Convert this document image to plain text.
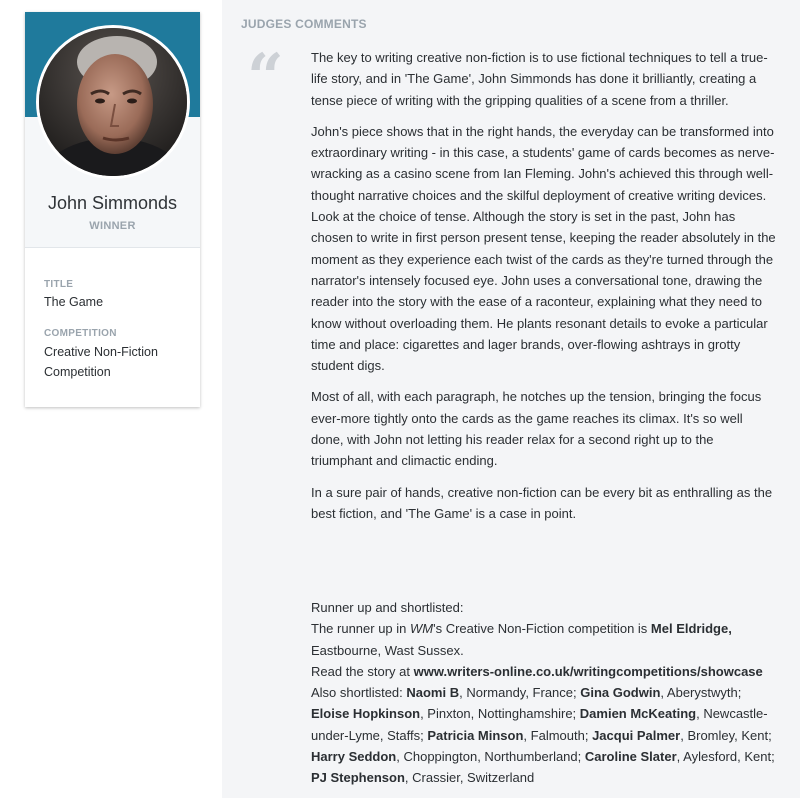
John Simmonds
WINNER
TITLE
The Game
COMPETITION
Creative Non-Fiction Competition
JUDGES COMMENTS
“ The key to writing creative non-fiction is to use fictional techniques to tell a true-life story, and in 'The Game', John Simmonds has done it brilliantly, creating a tense piece of writing with the gripping qualities of a scene from a thriller.

John's piece shows that in the right hands, the everyday can be transformed into extraordinary writing - in this case, a students' game of cards becomes as nerve-wracking as a casino scene from Ian Fleming. John's achieved this through well-thought narrative choices and the skilful deployment of creative writing devices. Look at the choice of tense. Although the story is set in the past, John has chosen to write in first person present tense, keeping the reader absolutely in the moment as they experience each twist of the cards as they're turned through the narrator's intensely focused eye. John uses a conversational tone, drawing the reader into the story with the ease of a raconteur, explaining what they need to know without overloading them. He plants resonant details to evoke a particular time and place: cigarettes and lager brands, over-flowing ashtrays in grotty student digs.

Most of all, with each paragraph, he notches up the tension, bringing the focus ever-more tightly onto the cards as the game reaches its climax. It's so well done, with John not letting his reader relax for a second right up to the triumphant and climactic ending.

In a sure pair of hands, creative non-fiction can be every bit as enthralling as the best fiction, and 'The Game' is a case in point.

Runner up and shortlisted:
The runner up in WM's Creative Non-Fiction competition is Mel Eldridge,
Eastbourne, Wast Sussex.
Read the story at www.writers-online.co.uk/writingcompetitions/showcase
Also shortlisted: Naomi B, Normandy, France; Gina Godwin, Aberystwyth; Eloise Hopkinson, Pinxton, Nottinghamshire; Damien McKeating, Newcastle-under-Lyme, Staffs; Patricia Minson, Falmouth; Jacqui Palmer, Bromley, Kent; Harry Seddon, Choppington, Northumberland; Caroline Slater, Aylesford, Kent; PJ Stephenson, Crassier, Switzerland
